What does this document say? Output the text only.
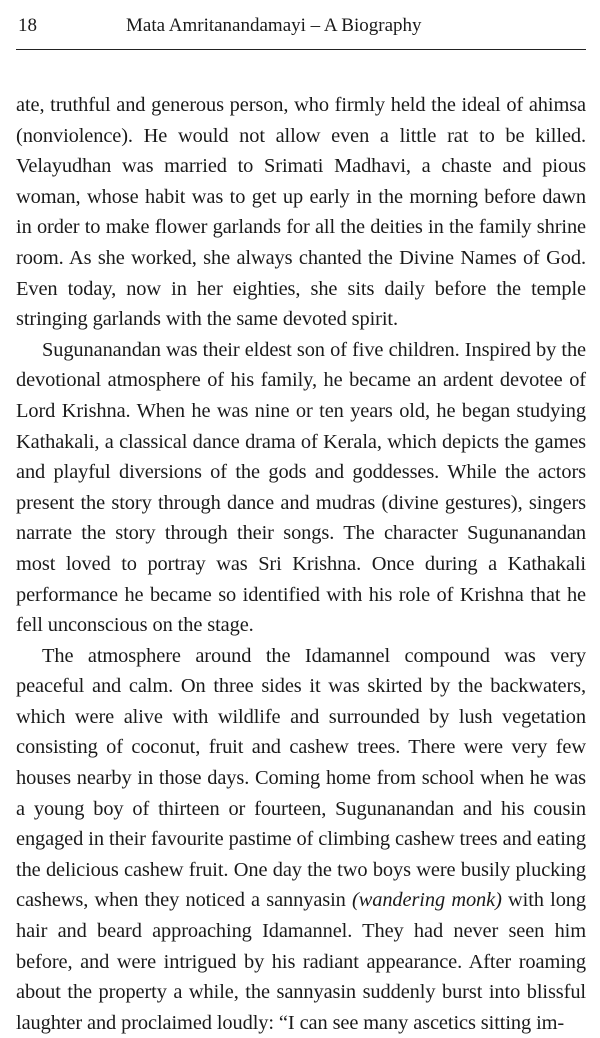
18	Mata Amritanandamayi – A Biography

ate, truthful and generous person, who firmly held the ideal of ahimsa (nonviolence). He would not allow even a little rat to be killed. Velayudhan was married to Srimati Madhavi, a chaste and pious woman, whose habit was to get up early in the morning before dawn in order to make flower garlands for all the deities in the family shrine room. As she worked, she always chanted the Divine Names of God. Even today, now in her eighties, she sits daily before the temple stringing garlands with the same devoted spirit.

Sugunanandan was their eldest son of five children. Inspired by the devotional atmosphere of his family, he became an ardent devotee of Lord Krishna. When he was nine or ten years old, he began studying Kathakali, a classical dance drama of Kerala, which depicts the games and playful diversions of the gods and goddesses. While the actors present the story through dance and mudras (divine gestures), singers narrate the story through their songs. The character Sugunanandan most loved to portray was Sri Krishna. Once during a Kathakali performance he became so identified with his role of Krishna that he fell unconscious on the stage.

The atmosphere around the Idamannel compound was very peaceful and calm. On three sides it was skirted by the backwaters, which were alive with wildlife and surrounded by lush vegetation consisting of coconut, fruit and cashew trees. There were very few houses nearby in those days. Coming home from school when he was a young boy of thirteen or fourteen, Sugunanandan and his cousin engaged in their favourite pastime of climbing cashew trees and eating the delicious cashew fruit. One day the two boys were busily plucking cashews, when they noticed a sannyasin (wandering monk) with long hair and beard approaching Idamannel. They had never seen him before, and were intrigued by his radiant appearance. After roaming about the property a while, the sannyasin suddenly burst into blissful laughter and proclaimed loudly: “I can see many ascetics sitting im-
